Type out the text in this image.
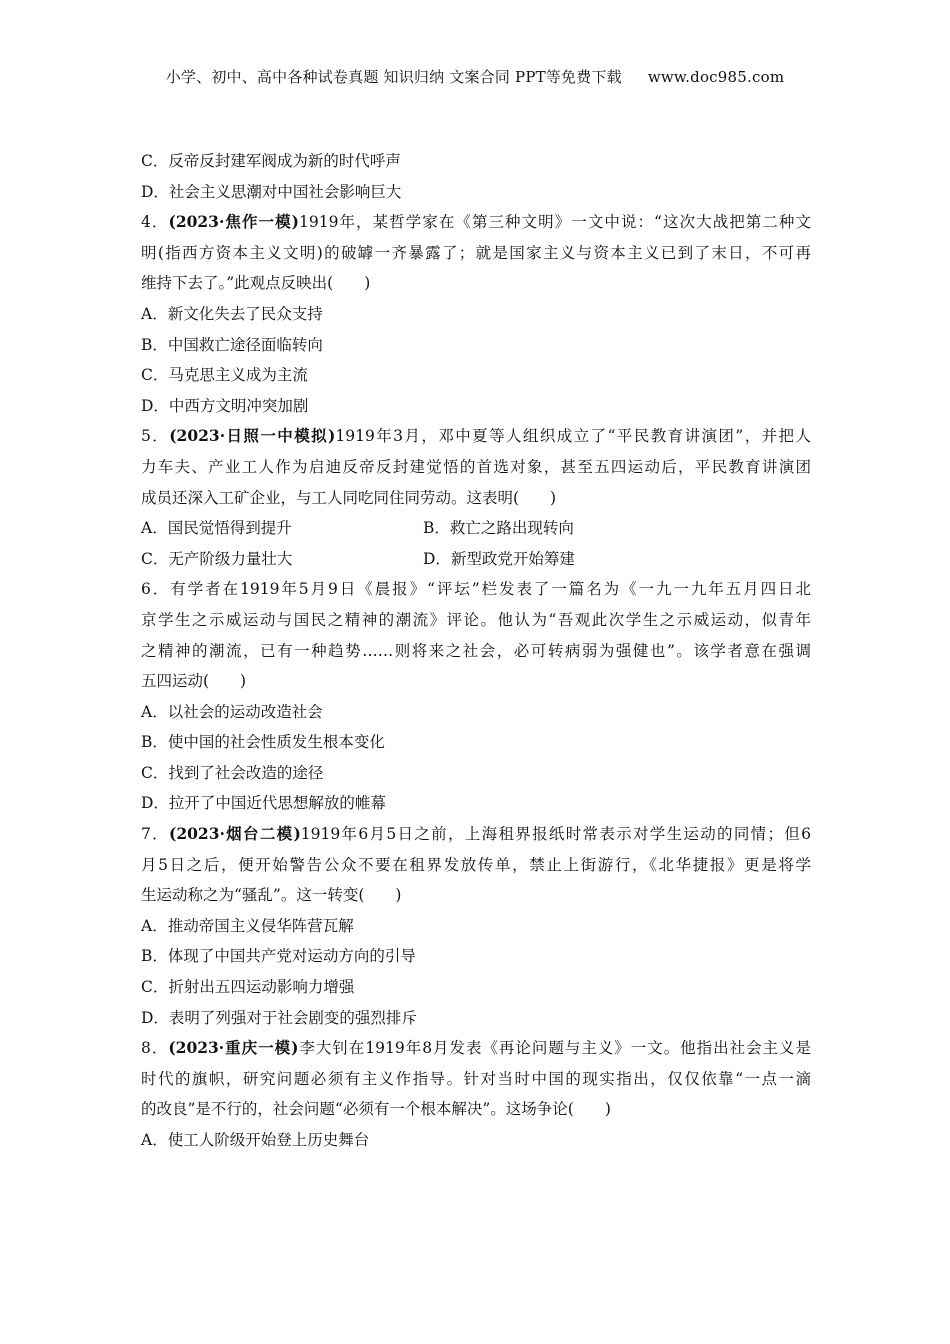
小学、初中、高中各种试卷真题 知识归纳 文案合同 PPT等免费下载 www.doc985.com
C．反帝反封建军阀成为新的时代呼声
D．社会主义思潮对中国社会影响巨大
4．(2023·焦作一模)1919年，某哲学家在《第三种文明》一文中说：“这次大战把第二种文
明(指西方资本主义文明)的破罅一齐暴露了；就是国家主义与资本主义已到了末日，不可再
维持下去了。”此观点反映出(　　)
A．新文化失去了民众支持
B．中国救亡途径面临转向
C．马克思主义成为主流
D．中西方文明冲突加剧
5．(2023·日照一中模拟)1919年3月，邓中夏等人组织成立了“平民教育讲演团”，并把人
力车夫、产业工人作为启迪反帝反封建觉悟的首选对象，甚至五四运动后，平民教育讲演团
成员还深入工矿企业，与工人同吃同住同劳动。这表明(　　)
A．国民觉悟得到提升	B．救亡之路出现转向
C．无产阶级力量壮大	D．新型政党开始筹建
6．有学者在1919年5月9日《晨报》“评坛”栏发表了一篇名为《一九一九年五月四日北
京学生之示威运动与国民之精神的潮流》评论。他认为“吾观此次学生之示威运动，似青年
之精神的潮流，已有一种趋势……则将来之社会，必可转病弱为强健也”。该学者意在强调
五四运动(　　)
A．以社会的运动改造社会
B．使中国的社会性质发生根本变化
C．找到了社会改造的途径
D．拉开了中国近代思想解放的帷幕
7．(2023·烟台二模)1919年6月5日之前，上海租界报纸时常表示对学生运动的同情；但6
月5日之后，便开始警告公众不要在租界发放传单，禁止上街游行，《北华捷报》更是将学
生运动称之为“骚乱”。这一转变(　　)
A．推动帝国主义侵华阵营瓦解
B．体现了中国共产党对运动方向的引导
C．折射出五四运动影响力增强
D．表明了列强对于社会剧变的强烈排斥
8．(2023·重庆一模)李大钊在1919年8月发表《再论问题与主义》一文。他指出社会主义是
时代的旗帜，研究问题必须有主义作指导。针对当时中国的现实指出，仅仅依靠“一点一滴
的改良”是不行的，社会问题“必须有一个根本解决”。这场争论(　　)
A．使工人阶级开始登上历史舞台
